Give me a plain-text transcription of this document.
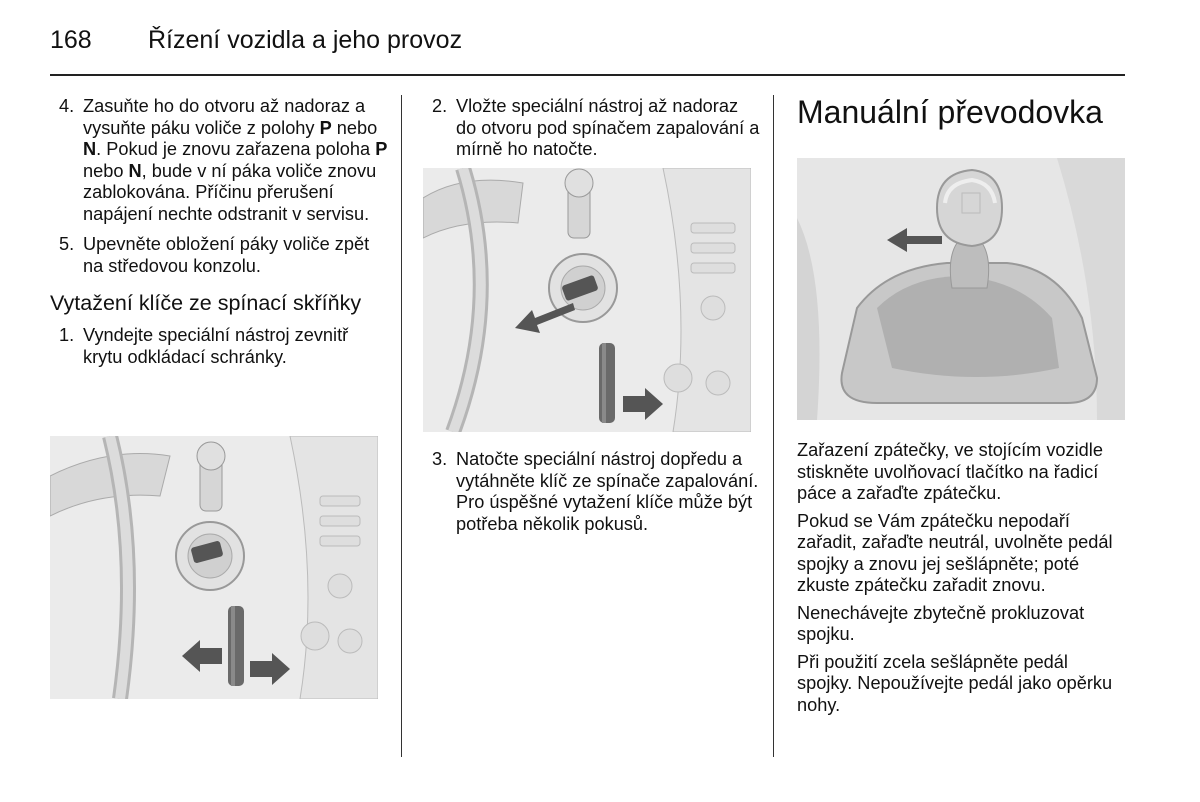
168 Řízení vozidla a jeho provoz
4. Zasuňte ho do otvoru až nadoraz a vysuňte páku voliče z polohy P nebo N. Pokud je znovu zařazena poloha P nebo N, bude v ní páka voliče znovu zablokována. Příčinu přerušení napájení nechte odstranit v servisu.
5. Upevněte obložení páky voliče zpět na středovou konzolu.
Vytažení klíče ze spínací skříňky
1. Vyndejte speciální nástroj zevnitř krytu odkládací schránky.
2. Vložte speciální nástroj až nadoraz do otvoru pod spínačem zapalování a mírně ho natočte.
3. Natočte speciální nástroj dopředu a vytáhněte klíč ze spínače zapalování. Pro úspěšné vytažení klíče může být potřeba několik pokusů.
Manuální převodovka
Zařazení zpátečky, ve stojícím vozidle stiskněte uvolňovací tlačítko na řadicí páce a zařaďte zpátečku.
Pokud se Vám zpátečku nepodaří zařadit, zařaďte neutrál, uvolněte pedál spojky a znovu jej sešlápněte; poté zkuste zpátečku zařadit znovu.
Nenechávejte zbytečně prokluzovat spojku.
Při použití zcela sešlápněte pedál spojky. Nepoužívejte pedál jako opěrku nohy.
